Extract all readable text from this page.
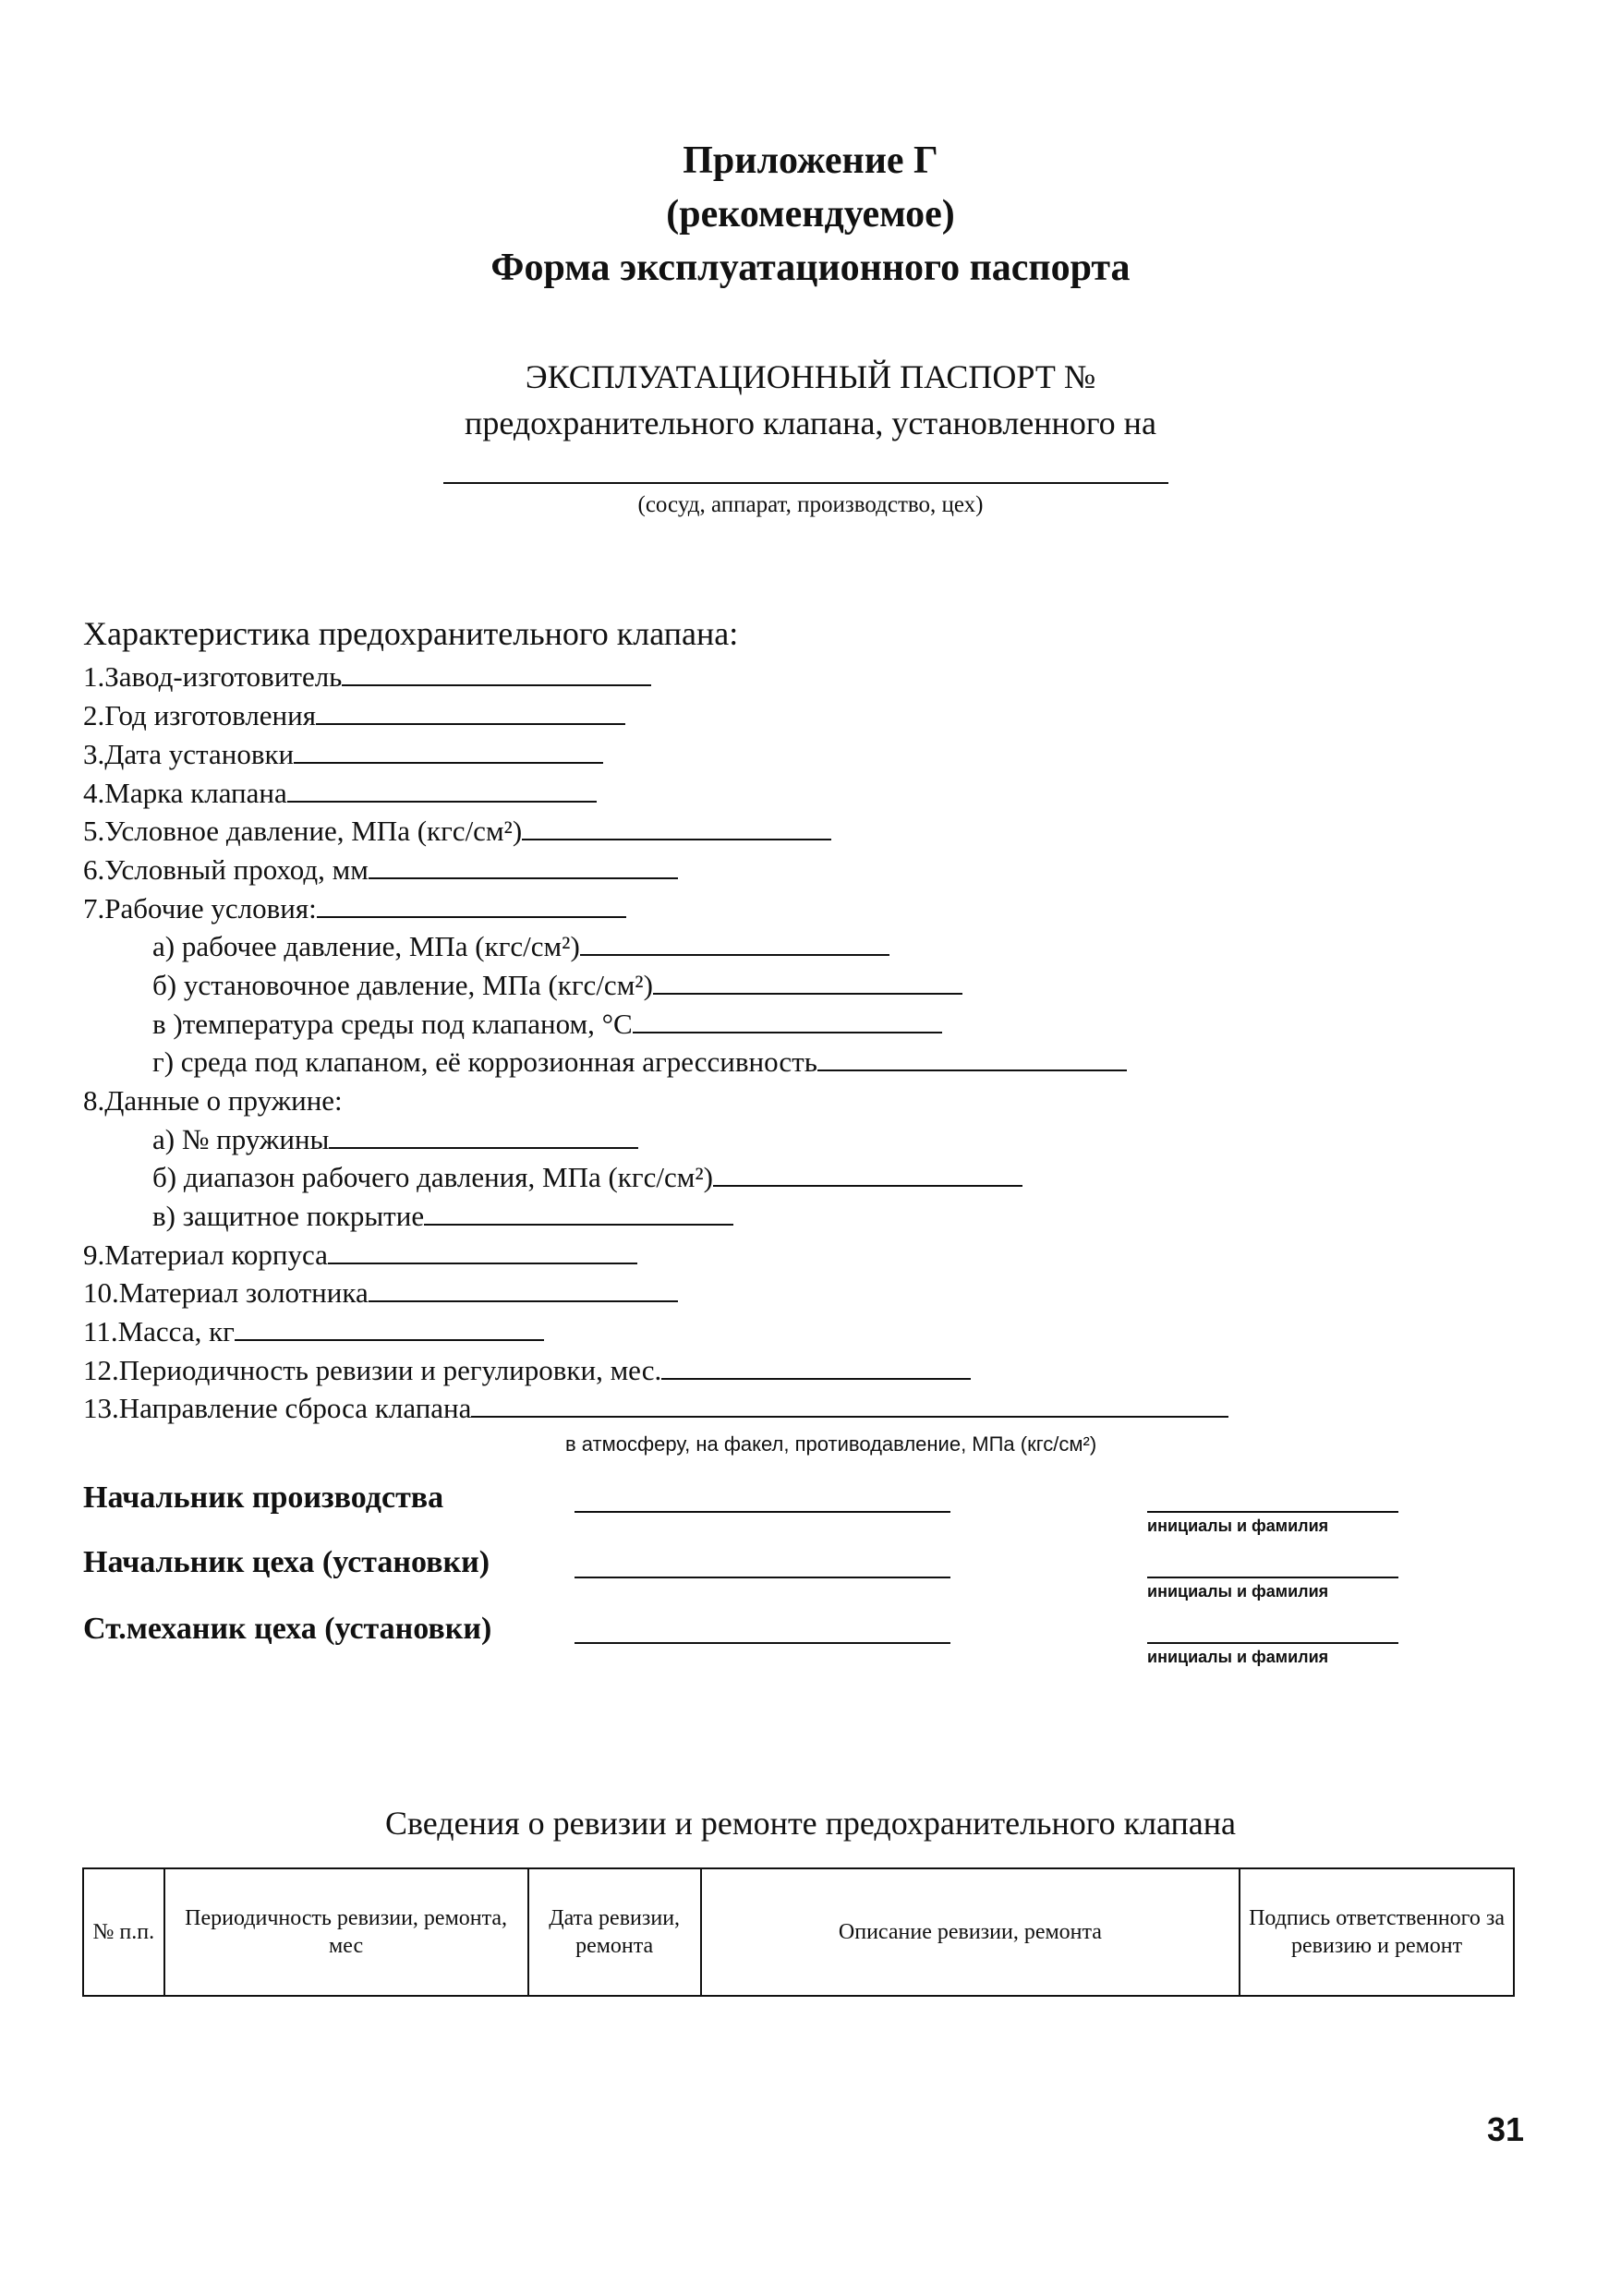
Приложение Г
(рекомендуемое)
Форма эксплуатационного паспорта
ЭКСПЛУАТАЦИОННЫЙ ПАСПОРТ №
предохранительного клапана, установленного на
(сосуд, аппарат, производство, цех)
Характеристика предохранительного клапана:
1.Завод-изготовитель
2.Год изготовления
3.Дата установки
4.Марка клапана
5.Условное давление, МПа (кгс/см²)
6.Условный проход, мм
7.Рабочие условия:
а) рабочее давление, МПа (кгс/см²)
б) установочное давление, МПа (кгс/см²)
в )температура среды под клапаном, °С
г) среда под клапаном, её коррозионная агрессивность
8.Данные о пружине:
а) № пружины
б) диапазон рабочего давления, МПа (кгс/см²)
в) защитное покрытие
9.Материал корпуса
10.Материал золотника
11.Масса, кг
12.Периодичность ревизии и регулировки, мес.
13.Направление сброса клапана
в атмосферу, на факел, противодавление, МПа (кгс/см²)
Начальник производства
инициалы и фамилия
Начальник цеха (установки)
инициалы и фамилия
Ст.механик цеха (установки)
инициалы и фамилия
Сведения о ревизии и ремонте предохранительного клапана
№ п.п.	Периодичность ревизии, ремонта, мес	Дата ревизии, ремонта	Описание ревизии, ремонта	Подпись ответственного за ревизию и ремонт
31
